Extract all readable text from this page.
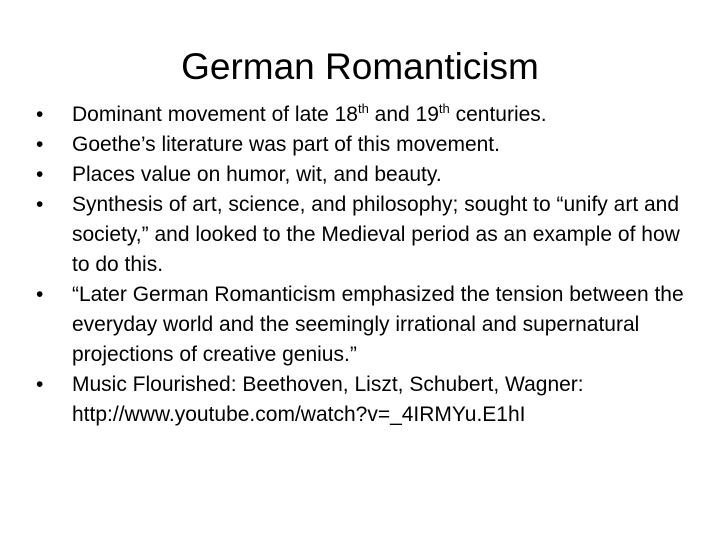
German Romanticism
•	Dominant movement of late 18th and 19th centuries.
•	Goethe’s literature was part of this movement.
•	Places value on humor, wit, and beauty.
•	Synthesis of art, science, and philosophy; sought to “unify art and society,” and looked to the Medieval period as an example of how to do this.
•	“Later German Romanticism emphasized the tension between the everyday world and the seemingly irrational and supernatural projections of creative genius.”
•	Music Flourished: Beethoven, Liszt, Schubert, Wagner: http://www.youtube.com/watch?v=_4IRMYu.E1hI
